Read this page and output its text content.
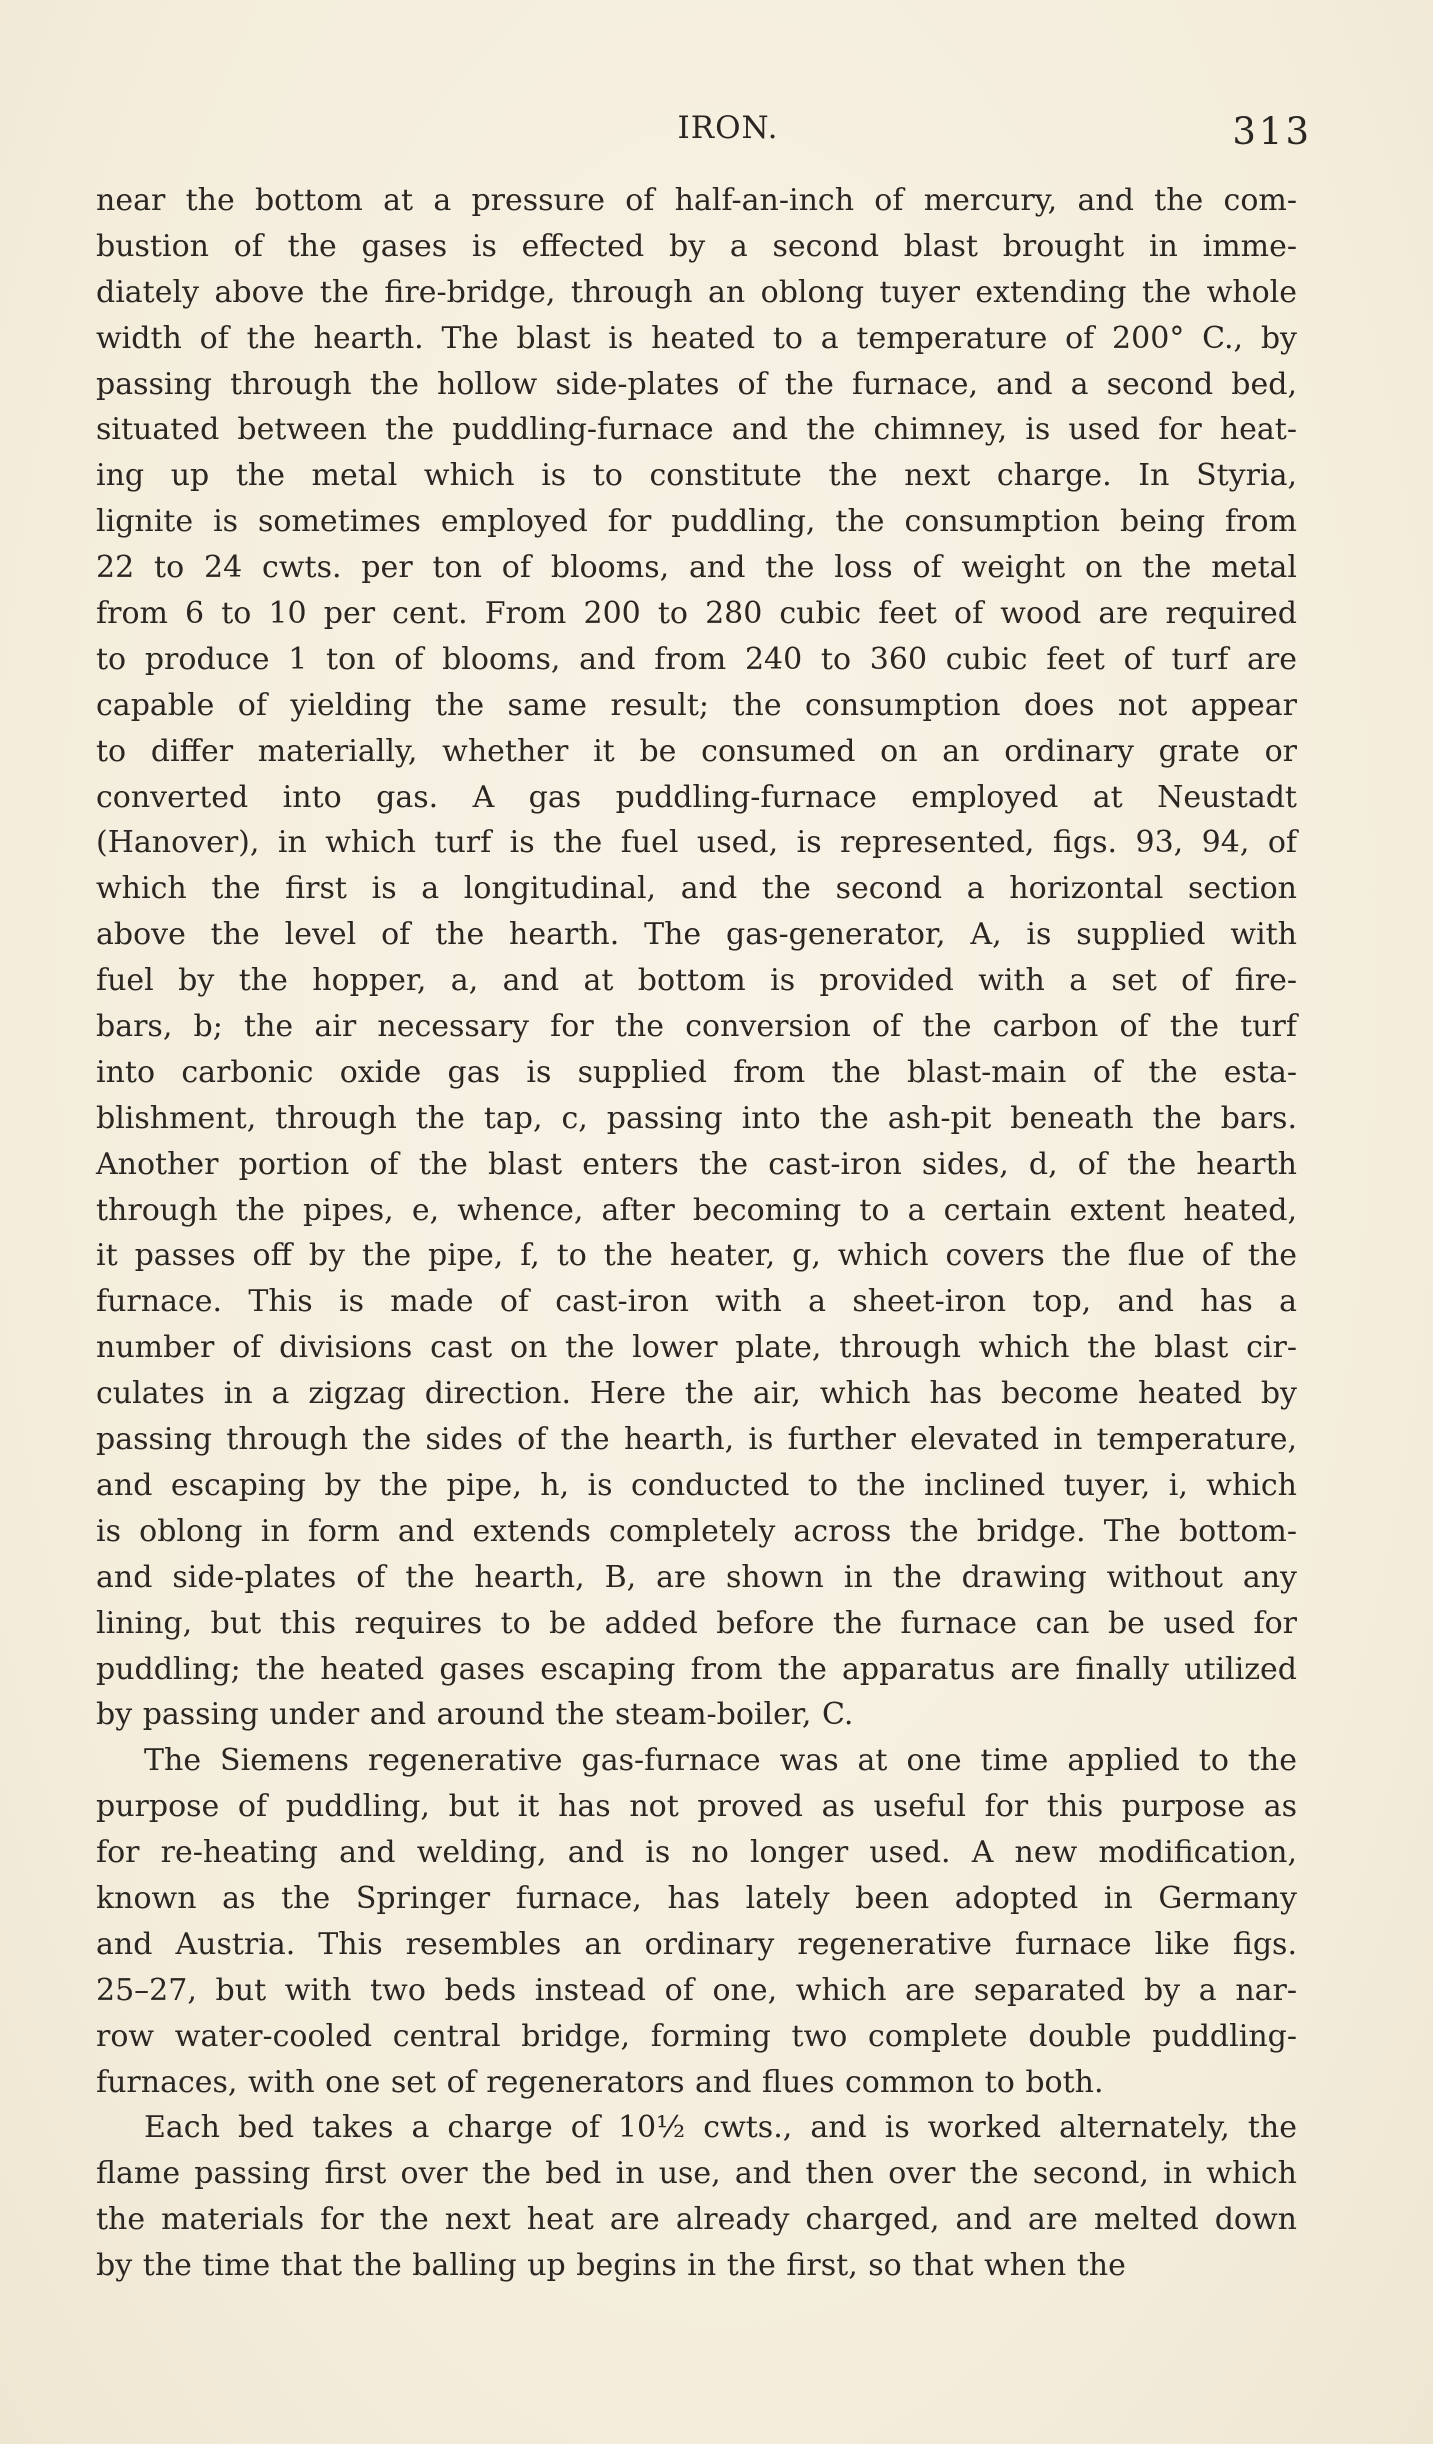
IRON.	313
near the bottom at a pressure of half-an-inch of mercury, and the com-
bustion of the gases is effected by a second blast brought in imme-
diately above the fire-bridge, through an oblong tuyer extending the whole
width of the hearth. The blast is heated to a temperature of 200° C., by
passing through the hollow side-plates of the furnace, and a second bed,
situated between the puddling-furnace and the chimney, is used for heat-
ing up the metal which is to constitute the next charge. In Styria,
lignite is sometimes employed for puddling, the consumption being from
22 to 24 cwts. per ton of blooms, and the loss of weight on the metal
from 6 to 10 per cent. From 200 to 280 cubic feet of wood are required
to produce 1 ton of blooms, and from 240 to 360 cubic feet of turf are
capable of yielding the same result; the consumption does not appear
to differ materially, whether it be consumed on an ordinary grate or
converted into gas. A gas puddling-furnace employed at Neustadt
(Hanover), in which turf is the fuel used, is represented, figs. 93, 94, of
which the first is a longitudinal, and the second a horizontal section
above the level of the hearth. The gas-generator, A, is supplied with
fuel by the hopper, a, and at bottom is provided with a set of fire-
bars, b; the air necessary for the conversion of the carbon of the turf
into carbonic oxide gas is supplied from the blast-main of the esta-
blishment, through the tap, c, passing into the ash-pit beneath the bars.
Another portion of the blast enters the cast-iron sides, d, of the hearth
through the pipes, e, whence, after becoming to a certain extent heated,
it passes off by the pipe, f, to the heater, g, which covers the flue of the
furnace. This is made of cast-iron with a sheet-iron top, and has a
number of divisions cast on the lower plate, through which the blast cir-
culates in a zigzag direction. Here the air, which has become heated by
passing through the sides of the hearth, is further elevated in temperature,
and escaping by the pipe, h, is conducted to the inclined tuyer, i, which
is oblong in form and extends completely across the bridge. The bottom-
and side-plates of the hearth, B, are shown in the drawing without any
lining, but this requires to be added before the furnace can be used for
puddling; the heated gases escaping from the apparatus are finally utilized
by passing under and around the steam-boiler, C.
The Siemens regenerative gas-furnace was at one time applied to the
purpose of puddling, but it has not proved as useful for this purpose as
for re-heating and welding, and is no longer used. A new modification,
known as the Springer furnace, has lately been adopted in Germany
and Austria. This resembles an ordinary regenerative furnace like figs.
25–27, but with two beds instead of one, which are separated by a nar-
row water-cooled central bridge, forming two complete double puddling-
furnaces, with one set of regenerators and flues common to both.
Each bed takes a charge of 10½ cwts., and is worked alternately, the
flame passing first over the bed in use, and then over the second, in which
the materials for the next heat are already charged, and are melted down
by the time that the balling up begins in the first, so that when the
